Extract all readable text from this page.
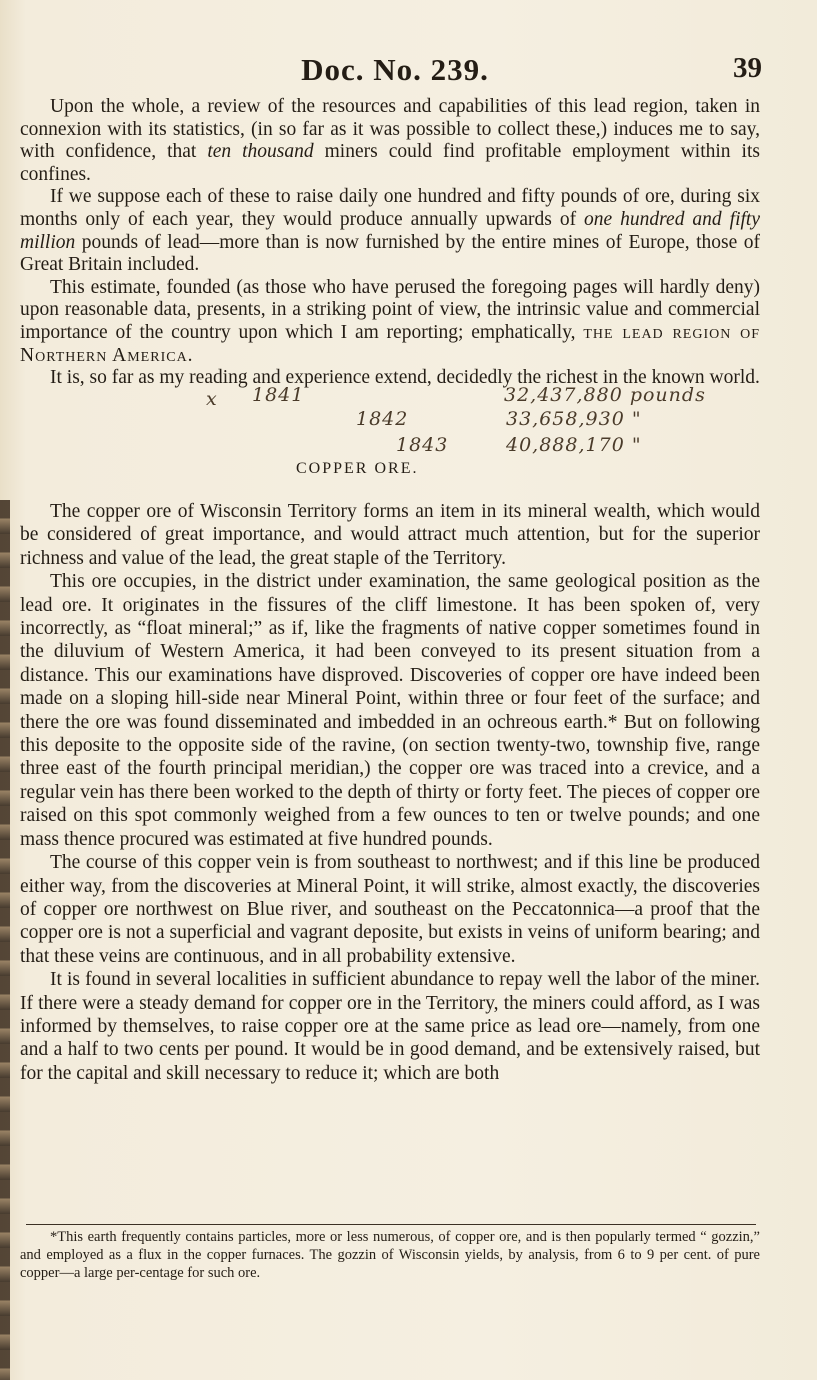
Doc. No. 239.	39

Upon the whole, a review of the resources and capabilities of this lead region, taken in connexion with its statistics, (in so far as it was possible to collect these,) induces me to say, with confidence, that ten thousand miners could find profitable employment within its confines.

If we suppose each of these to raise daily one hundred and fifty pounds of ore, during six months only of each year, they would produce annually upwards of one hundred and fifty million pounds of lead—more than is now furnished by the entire mines of Europe, those of Great Britain included.

This estimate, founded (as those who have perused the foregoing pages will hardly deny) upon reasonable data, presents, in a striking point of view, the intrinsic value and commercial importance of the country upon which I am reporting; emphatically, the lead region of Northern America.

It is, so far as my reading and experience extend, decidedly the richest in the known world.

x 1841	32,437,880 pounds
1842	33,658,930 "
1843	40,888,170 "
COPPER ORE.

The copper ore of Wisconsin Territory forms an item in its mineral wealth, which would be considered of great importance, and would attract much attention, but for the superior richness and value of the lead, the great staple of the Territory.

This ore occupies, in the district under examination, the same geological position as the lead ore. It originates in the fissures of the cliff limestone. It has been spoken of, very incorrectly, as “float mineral;” as if, like the fragments of native copper sometimes found in the diluvium of Western America, it had been conveyed to its present situation from a distance. This our examinations have disproved. Discoveries of copper ore have indeed been made on a sloping hill-side near Mineral Point, within three or four feet of the surface; and there the ore was found disseminated and imbedded in an ochreous earth.* But on following this deposite to the opposite side of the ravine, (on section twenty-two, township five, range three east of the fourth principal meridian,) the copper ore was traced into a crevice, and a regular vein has there been worked to the depth of thirty or forty feet. The pieces of copper ore raised on this spot commonly weighed from a few ounces to ten or twelve pounds; and one mass thence procured was estimated at five hundred pounds.

The course of this copper vein is from southeast to northwest; and if this line be produced either way, from the discoveries at Mineral Point, it will strike, almost exactly, the discoveries of copper ore northwest on Blue river, and southeast on the Peccatonnica—a proof that the copper ore is not a superficial and vagrant deposite, but exists in veins of uniform bearing; and that these veins are continuous, and in all probability extensive.

It is found in several localities in sufficient abundance to repay well the labor of the miner. If there were a steady demand for copper ore in the Territory, the miners could afford, as I was informed by themselves, to raise copper ore at the same price as lead ore—namely, from one and a half to two cents per pound. It would be in good demand, and be extensively raised, but for the capital and skill necessary to reduce it; which are both

*This earth frequently contains particles, more or less numerous, of copper ore, and is then popularly termed “ gozzin,” and employed as a flux in the copper furnaces. The gozzin of Wisconsin yields, by analysis, from 6 to 9 per cent. of pure copper—a large per-centage for such ore.
